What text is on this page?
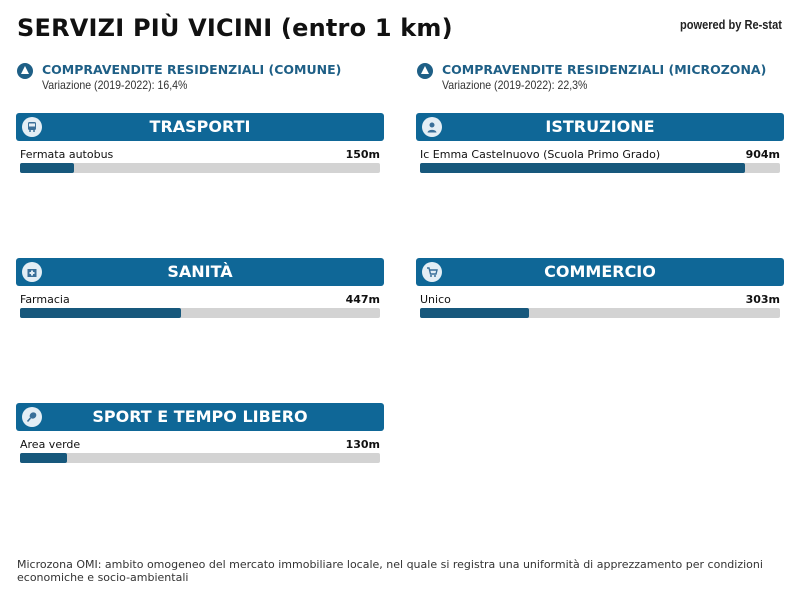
SERVIZI PIÙ VICINI (entro 1 km)	powered by Re-stat
COMPRAVENDITE RESIDENZIALI (COMUNE)
Variazione (2019-2022): 16,4%
COMPRAVENDITE RESIDENZIALI (MICROZONA)
Variazione (2019-2022): 22,3%
TRASPORTI
Fermata autobus	150m
ISTRUZIONE
Ic Emma Castelnuovo (Scuola Primo Grado)	904m
SANITÀ
Farmacia	447m
COMMERCIO
Unico	303m
SPORT E TEMPO LIBERO
Area verde	130m
Microzona OMI: ambito omogeneo del mercato immobiliare locale, nel quale si registra una uniformità di apprezzamento per condizioni economiche e socio-ambientali
